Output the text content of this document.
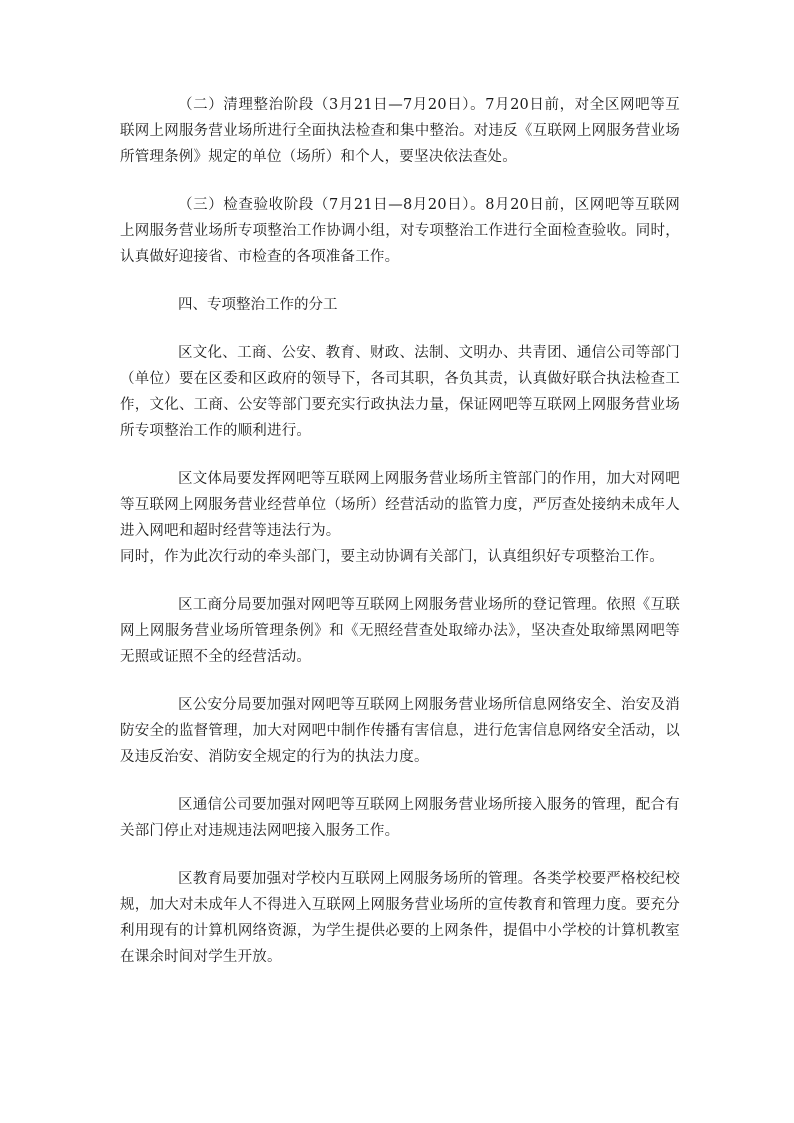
（二）清理整治阶段（3月21日—7月20日）。7月20日前，对全区网吧等互联网上网服务营业场所进行全面执法检查和集中整治。对违反《互联网上网服务营业场所管理条例》规定的单位（场所）和个人，要坚决依法查处。

（三）检查验收阶段（7月21日—8月20日）。8月20日前，区网吧等互联网上网服务营业场所专项整治工作协调小组，对专项整治工作进行全面检查验收。同时，认真做好迎接省、市检查的各项准备工作。

四、专项整治工作的分工

区文化、工商、公安、教育、财政、法制、文明办、共青团、通信公司等部门（单位）要在区委和区政府的领导下，各司其职，各负其责，认真做好联合执法检查工作，文化、工商、公安等部门要充实行政执法力量，保证网吧等互联网上网服务营业场所专项整治工作的顺利进行。

区文体局要发挥网吧等互联网上网服务营业场所主管部门的作用，加大对网吧等互联网上网服务营业经营单位（场所）经营活动的监管力度，严厉查处接纳未成年人进入网吧和超时经营等违法行为。

同时，作为此次行动的牵头部门，要主动协调有关部门，认真组织好专项整治工作。

区工商分局要加强对网吧等互联网上网服务营业场所的登记管理。依照《互联网上网服务营业场所管理条例》和《无照经营查处取缔办法》，坚决查处取缔黑网吧等无照或证照不全的经营活动。

区公安分局要加强对网吧等互联网上网服务营业场所信息网络安全、治安及消防安全的监督管理，加大对网吧中制作传播有害信息，进行危害信息网络安全活动，以及违反治安、消防安全规定的行为的执法力度。

区通信公司要加强对网吧等互联网上网服务营业场所接入服务的管理，配合有关部门停止对违规违法网吧接入服务工作。

区教育局要加强对学校内互联网上网服务场所的管理。各类学校要严格校纪校规，加大对未成年人不得进入互联网上网服务营业场所的宣传教育和管理力度。要充分利用现有的计算机网络资源，为学生提供必要的上网条件，提倡中小学校的计算机教室在课余时间对学生开放。
